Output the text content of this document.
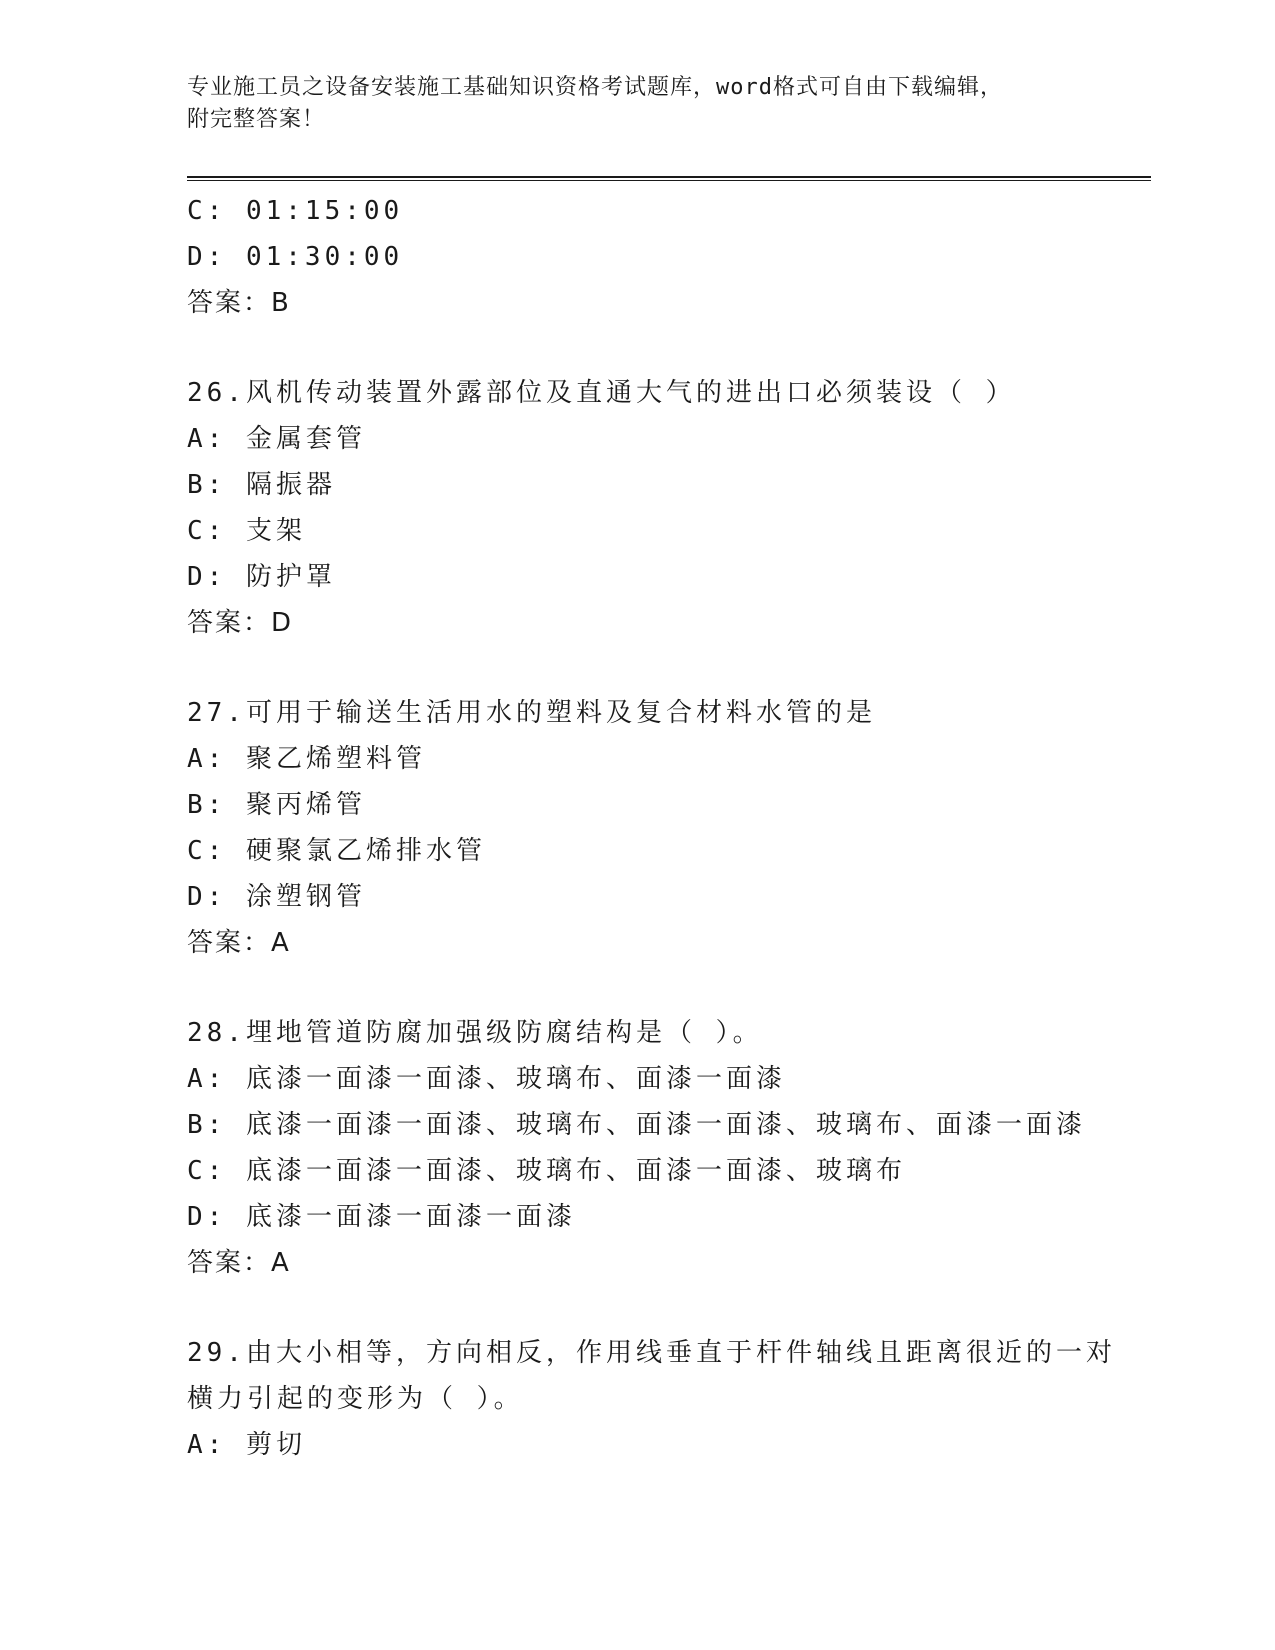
专业施工员之设备安装施工基础知识资格考试题库，word格式可自由下载编辑，
附完整答案！
C: 01:15:00
D: 01:30:00
答案：B
26.风机传动装置外露部位及直通大气的进出口必须装设（ ）
A: 金属套管
B: 隔振器
C: 支架
D: 防护罩
答案：D
27.可用于输送生活用水的塑料及复合材料水管的是
A: 聚乙烯塑料管
B: 聚丙烯管
C: 硬聚氯乙烯排水管
D: 涂塑钢管
答案：A
28.埋地管道防腐加强级防腐结构是（ ）。
A: 底漆一面漆一面漆、玻璃布、面漆一面漆
B: 底漆一面漆一面漆、玻璃布、面漆一面漆、玻璃布、面漆一面漆
C: 底漆一面漆一面漆、玻璃布、面漆一面漆、玻璃布
D: 底漆一面漆一面漆一面漆
答案：A
29.由大小相等，方向相反，作用线垂直于杆件轴线且距离很近的一对
横力引起的变形为（ ）。
A: 剪切
